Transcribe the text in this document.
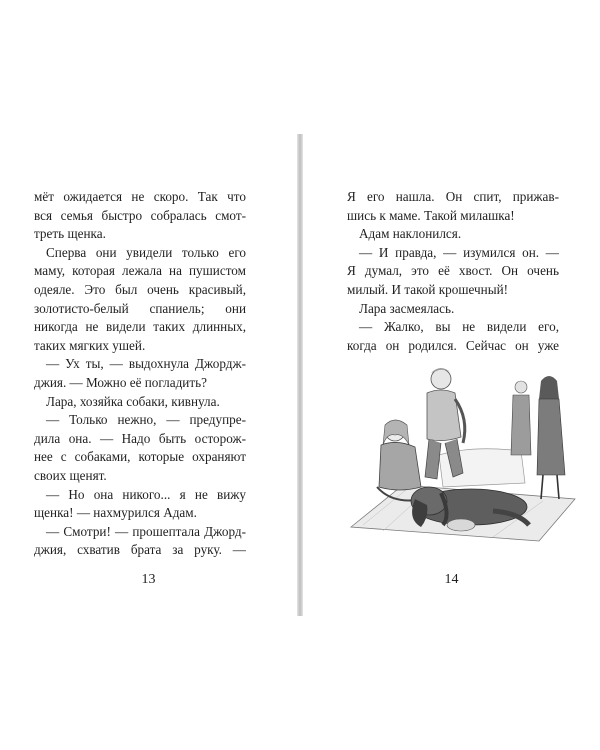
мёт ожидается не скоро. Так что
вся семья быстро собралась смот-
треть щенка.
Сперва они увидели только его
маму, которая лежала на пушистом
одеяле. Это был очень красивый,
золотисто-белый спаниель; они
никогда не видели таких длинных,
таких мягких ушей.
— Ух ты, — выдохнула Джордж-
джия. — Можно её погладить?
Лара, хозяйка собаки, кивнула.
— Только нежно, — предупре-
дила она. — Надо быть осторож-
нее с собаками, которые охраняют
своих щенят.
— Но она никого... я не вижу
щенка! — нахмурился Адам.
— Смотри! — прошептала Джорд-
джия, схватив брата за руку. —
13
Я его нашла. Он спит, прижав-
шись к маме. Такой милашка!
Адам наклонился.
— И правда, — изумился он. —
Я думал, это её хвост. Он очень
милый. И такой крошечный!
Лара засмеялась.
— Жалко, вы не видели его,
когда он родился. Сейчас он уже
14
